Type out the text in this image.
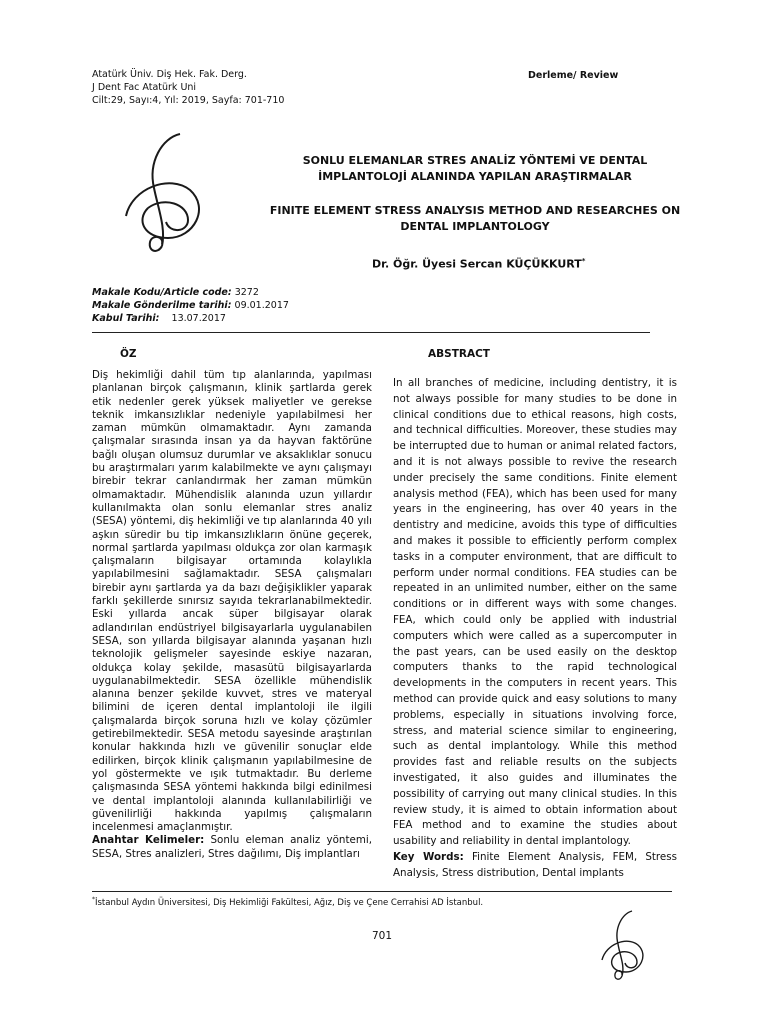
Atatürk Üniv. Diş Hek. Fak. Derg.
J Dent Fac Atatürk Uni
Cilt:29, Sayı:4, Yıl: 2019, Sayfa: 701-710
Derleme/ Review
SONLU ELEMANLAR STRES ANALİZ YÖNTEMİ VE DENTAL
İMPLANTOLOJİ ALANINDA YAPILAN ARAŞTIRMALAR
FINITE ELEMENT STRESS ANALYSIS METHOD AND RESEARCHES ON
DENTAL IMPLANTOLOGY
Dr. Öğr. Üyesi Sercan KÜÇÜKKURT*
Makale Kodu/Article code: 3272
Makale Gönderilme tarihi: 09.01.2017
Kabul Tarihi: 13.07.2017
ÖZ	ABSTRACT

Diş hekimliği dahil tüm tıp alanlarında, yapılması planlanan birçok çalışmanın, klinik şartlarda gerek etik nedenler gerek yüksek maliyetler ve gerekse teknik imkansızlıklar nedeniyle yapılabilmesi her zaman mümkün olmamaktadır. Aynı zamanda çalışmalar sırasında insan ya da hayvan faktörüne bağlı oluşan olumsuz durumlar ve aksaklıklar sonucu bu araştırmaları yarım kalabilmekte ve aynı çalışmayı birebir tekrar canlandırmak her zaman mümkün olmamaktadır. Mühendislik alanında uzun yıllardır kullanılmakta olan sonlu elemanlar stres analiz (SESA) yöntemi, diş hekimliği ve tıp alanlarında 40 yılı aşkın süredir bu tip imkansızlıkların önüne geçerek, normal şartlarda yapılması oldukça zor olan karmaşık çalışmaların bilgisayar ortamında kolaylıkla yapılabilmesini sağlamaktadır. SESA çalışmaları birebir aynı şartlarda ya da bazı değişiklikler yaparak farklı şekillerde sınırsız sayıda tekrarlanabilmektedir. Eski yıllarda ancak süper bilgisayar olarak adlandırılan endüstriyel bilgisayarlarla uygulanabilen SESA, son yıllarda bilgisayar alanında yaşanan hızlı teknolojik gelişmeler sayesinde eskiye nazaran, oldukça kolay şekilde, masasütü bilgisayarlarda uygulanabilmektedir. SESA özellikle mühendislik alanına benzer şekilde kuvvet, stres ve materyal bilimini de içeren dental implantoloji ile ilgili çalışmalarda birçok soruna hızlı ve kolay çözümler getirebilmektedir. SESA metodu sayesinde araştırılan konular hakkında hızlı ve güvenilir sonuçlar elde edilirken, birçok klinik çalışmanın yapılabilmesine de yol göstermekte ve ışık tutmaktadır. Bu derleme çalışmasında SESA yöntemi hakkında bilgi edinilmesi ve dental implantoloji alanında kullanılabilirliği ve güvenilirliği hakkında yapılmış çalışmaların incelenmesi amaçlanmıştır.

Anahtar Kelimeler: Sonlu eleman analiz yöntemi, SESA, Stres analizleri, Stres dağılımı, Diş implantları

In all branches of medicine, including dentistry, it is not always possible for many studies to be done in clinical conditions due to ethical reasons, high costs, and technical difficulties. Moreover, these studies may be interrupted due to human or animal related factors, and it is not always possible to revive the research under precisely the same conditions. Finite element analysis method (FEA), which has been used for many years in the engineering, has over 40 years in the dentistry and medicine, avoids this type of difficulties and makes it possible to efficiently perform complex tasks in a computer environment, that are difficult to perform under normal conditions. FEA studies can be repeated in an unlimited number, either on the same conditions or in different ways with some changes. FEA, which could only be applied with industrial computers which were called as a supercomputer in the past years, can be used easily on the desktop computers thanks to the rapid technological developments in the computers in recent years. This method can provide quick and easy solutions to many problems, especially in situations involving force, stress, and material science similar to engineering, such as dental implantology. While this method provides fast and reliable results on the subjects investigated, it also guides and illuminates the possibility of carrying out many clinical studies. In this review study, it is aimed to obtain information about FEA method and to examine the studies about usability and reliability in dental implantology.

Key Words: Finite Element Analysis, FEM, Stress Analysis, Stress distribution, Dental implants

*İstanbul Aydın Üniversitesi, Diş Hekimliği Fakültesi, Ağız, Diş ve Çene Cerrahisi AD İstanbul.
701
